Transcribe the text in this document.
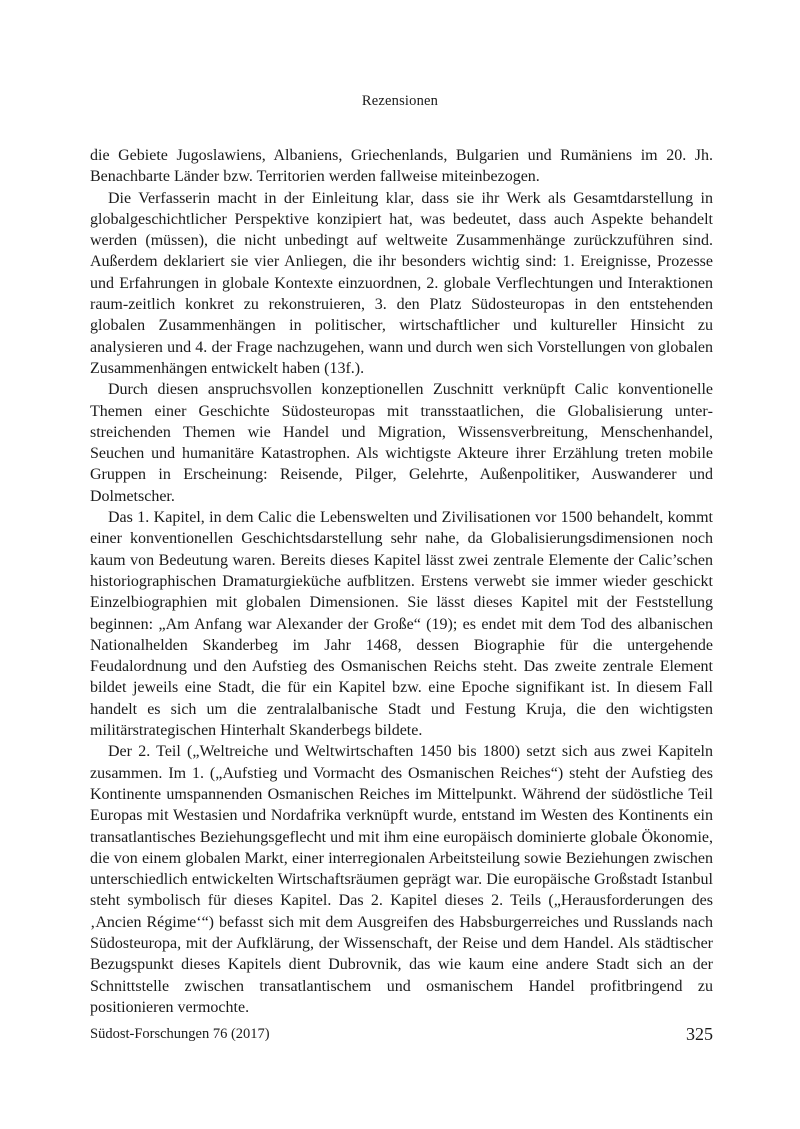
Rezensionen

die Gebiete Jugoslawiens, Albaniens, Griechenlands, Bulgarien und Rumäniens im 20. Jh. Benachbarte Länder bzw. Territorien werden fallweise miteinbezogen.

Die Verfasserin macht in der Einleitung klar, dass sie ihr Werk als Gesamtdarstellung in globalgeschichtlicher Perspektive konzipiert hat, was bedeutet, dass auch Aspekte behandelt werden (müssen), die nicht unbedingt auf weltweite Zusammenhänge zurückzuführen sind. Außerdem deklariert sie vier Anliegen, die ihr besonders wichtig sind: 1. Ereignisse, Prozesse und Erfahrungen in globale Kontexte einzuordnen, 2. globale Verflechtungen und Interaktionen raum-zeitlich konkret zu rekonstruieren, 3. den Platz Südosteuropas in den entstehenden globalen Zusammenhängen in politischer, wirtschaftlicher und kultureller Hinsicht zu analysieren und 4. der Frage nachzugehen, wann und durch wen sich Vorstellungen von globalen Zusammenhängen entwickelt haben (13f.).

Durch diesen anspruchsvollen konzeptionellen Zuschnitt verknüpft Calic konventionelle Themen einer Geschichte Südosteuropas mit transstaatlichen, die Globalisierung unterstreichenden Themen wie Handel und Migration, Wissensverbreitung, Menschenhandel, Seuchen und humanitäre Katastrophen. Als wichtigste Akteure ihrer Erzählung treten mobile Gruppen in Erscheinung: Reisende, Pilger, Gelehrte, Außenpolitiker, Auswanderer und Dolmetscher.

Das 1. Kapitel, in dem Calic die Lebenswelten und Zivilisationen vor 1500 behandelt, kommt einer konventionellen Geschichtsdarstellung sehr nahe, da Globalisierungsdimensionen noch kaum von Bedeutung waren. Bereits dieses Kapitel lässt zwei zentrale Elemente der Calic’schen historiographischen Dramaturgieküche aufblitzen. Erstens verwebt sie immer wieder geschickt Einzelbiographien mit globalen Dimensionen. Sie lässt dieses Kapitel mit der Feststellung beginnen: „Am Anfang war Alexander der Große“ (19); es endet mit dem Tod des albanischen Nationalhelden Skanderbeg im Jahr 1468, dessen Biographie für die untergehende Feudalordnung und den Aufstieg des Osmanischen Reichs steht. Das zweite zentrale Element bildet jeweils eine Stadt, die für ein Kapitel bzw. eine Epoche signifikant ist. In diesem Fall handelt es sich um die zentralalbanische Stadt und Festung Kruja, die den wichtigsten militärstrategischen Hinterhalt Skanderbegs bildete.

Der 2. Teil („Weltreiche und Weltwirtschaften 1450 bis 1800) setzt sich aus zwei Kapiteln zusammen. Im 1. („Aufstieg und Vormacht des Osmanischen Reiches“) steht der Aufstieg des Kontinente umspannenden Osmanischen Reiches im Mittelpunkt. Während der südöstliche Teil Europas mit Westasien und Nordafrika verknüpft wurde, entstand im Westen des Kontinents ein transatlantisches Beziehungsgeflecht und mit ihm eine europäisch dominierte globale Ökonomie, die von einem globalen Markt, einer interregionalen Arbeitsteilung sowie Beziehungen zwischen unterschiedlich entwickelten Wirtschaftsräumen geprägt war. Die europäische Großstadt Istanbul steht symbolisch für dieses Kapitel. Das 2. Kapitel dieses 2. Teils („Herausforderungen des ‚Ancien Régime‘“) befasst sich mit dem Ausgreifen des Habsburgerreiches und Russlands nach Südosteuropa, mit der Aufklärung, der Wissenschaft, der Reise und dem Handel. Als städtischer Bezugspunkt dieses Kapitels dient Dubrovnik, das wie kaum eine andere Stadt sich an der Schnittstelle zwischen transatlantischem und osmanischem Handel profitbringend zu positionieren vermochte.

Südost-Forschungen 76 (2017)	325
